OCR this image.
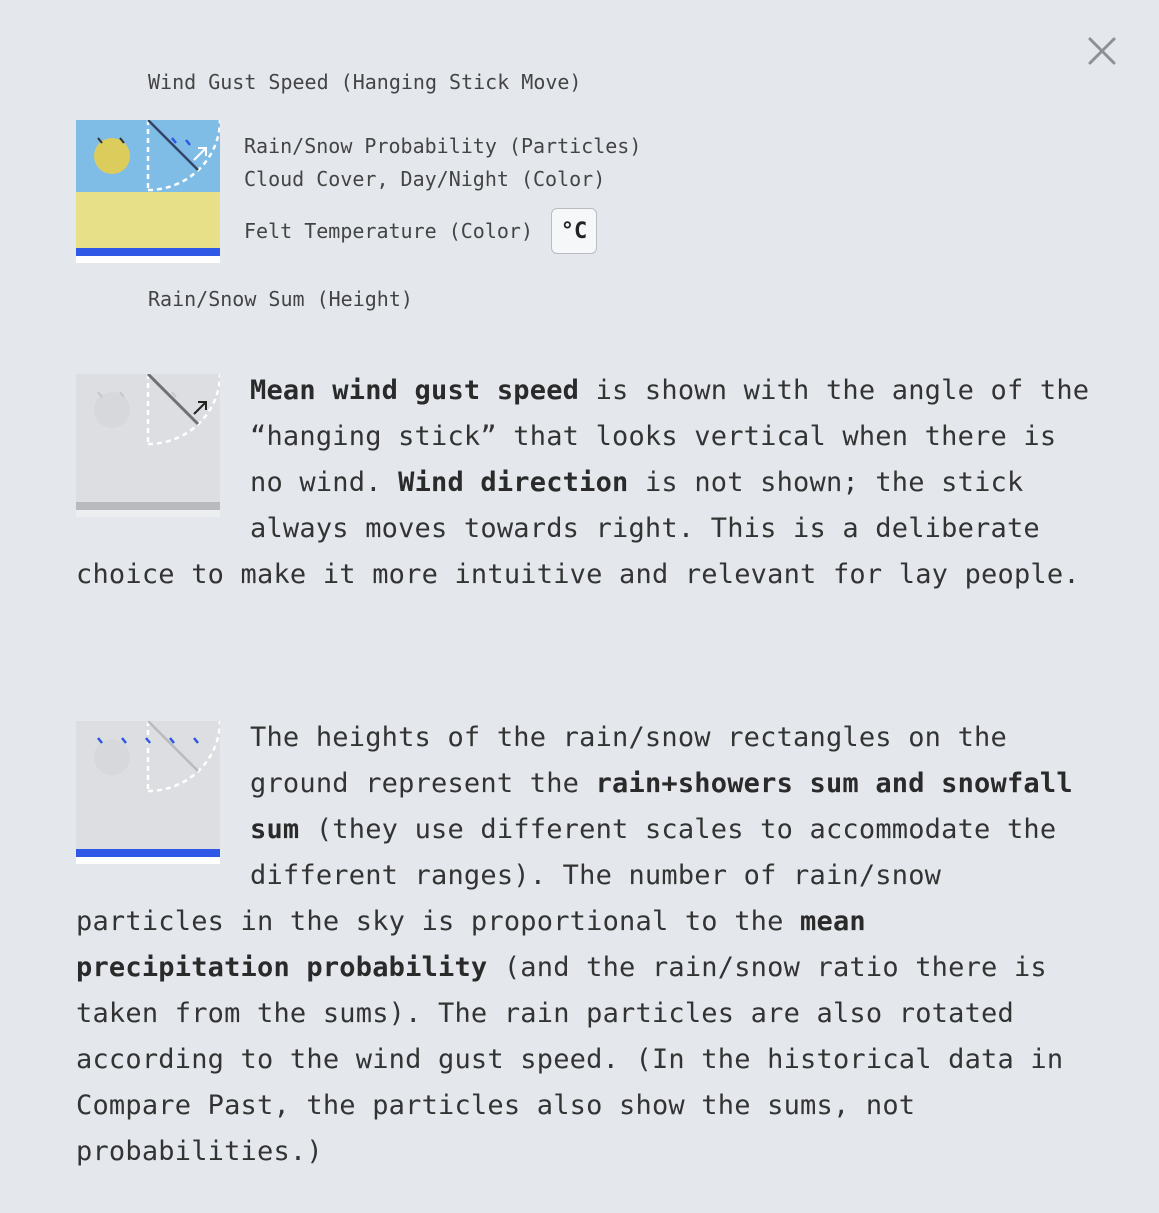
Wind Gust Speed (Hanging Stick Move)
Rain/Snow Probability (Particles)
Cloud Cover, Day/Night (Color)
Felt Temperature (Color)	°C
Rain/Snow Sum (Height)
Mean wind gust speed is shown with the angle of the “hanging stick” that looks vertical when there is no wind. Wind direction is not shown; the stick always moves towards right. This is a deliberate choice to make it more intuitive and relevant for lay people.
The heights of the rain/snow rectangles on the ground represent the rain+showers sum and snowfall sum (they use different scales to accommodate the different ranges). The number of rain/snow particles in the sky is proportional to the mean precipitation probability (and the rain/snow ratio there is taken from the sums). The rain particles are also rotated according to the wind gust speed. (In the historical data in Compare Past, the particles also show the sums, not probabilities.)
